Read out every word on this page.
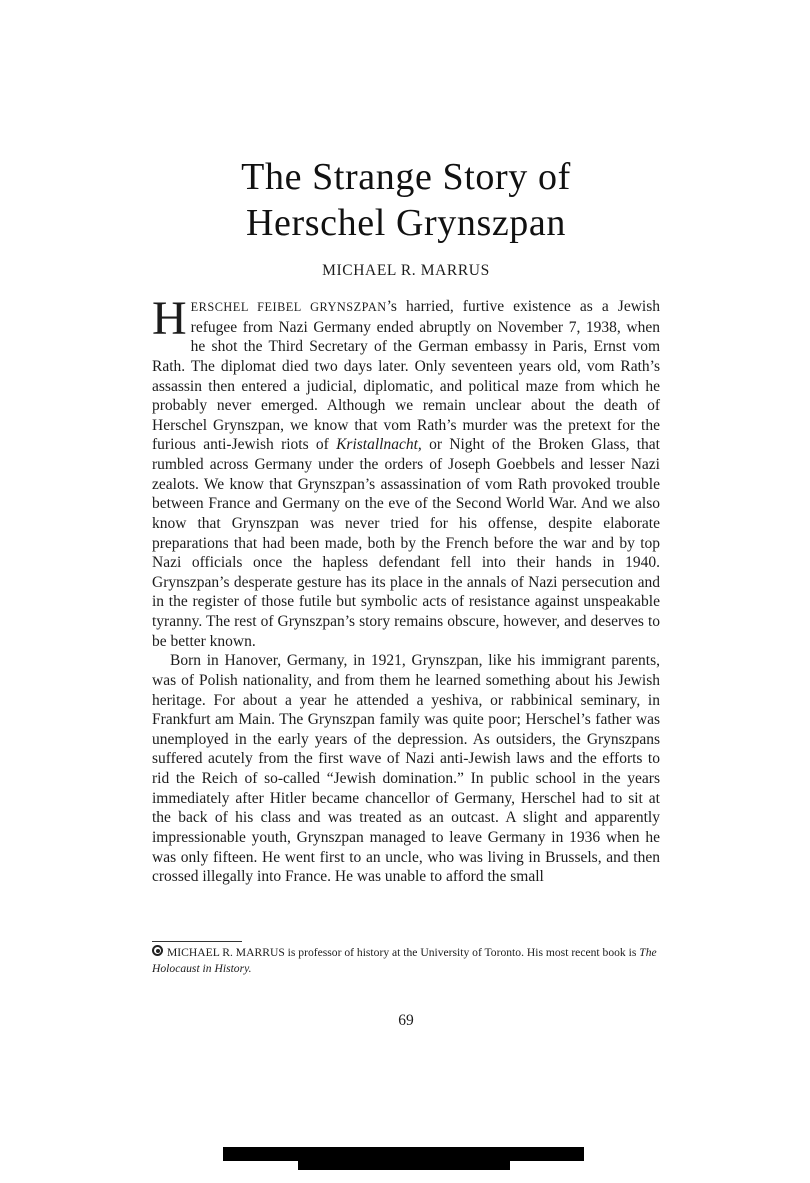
The Strange Story of
Herschel Grynszpan
MICHAEL R. MARRUS

HERSCHEL FEIBEL GRYNSZPAN’s harried, furtive existence as a Jewish refugee from Nazi Germany ended abruptly on November 7, 1938, when he shot the Third Secretary of the German embassy in Paris, Ernst vom Rath. The diplomat died two days later. Only seventeen years old, vom Rath’s assassin then entered a judicial, diplomatic, and political maze from which he probably never emerged. Although we remain unclear about the death of Herschel Grynszpan, we know that vom Rath’s murder was the pretext for the furious anti-Jewish riots of Kristallnacht, or Night of the Broken Glass, that rumbled across Germany under the orders of Joseph Goebbels and lesser Nazi zealots. We know that Grynszpan’s assassination of vom Rath provoked trouble between France and Germany on the eve of the Second World War. And we also know that Grynszpan was never tried for his offense, despite elaborate preparations that had been made, both by the French before the war and by top Nazi officials once the hapless defendant fell into their hands in 1940. Grynszpan’s desperate gesture has its place in the annals of Nazi persecution and in the register of those futile but symbolic acts of resistance against unspeakable tyranny. The rest of Grynszpan’s story remains obscure, however, and deserves to be better known.

Born in Hanover, Germany, in 1921, Grynszpan, like his immigrant parents, was of Polish nationality, and from them he learned something about his Jewish heritage. For about a year he attended a yeshiva, or rabbinical seminary, in Frankfurt am Main. The Grynszpan family was quite poor; Herschel’s father was unemployed in the early years of the depression. As outsiders, the Grynszpans suffered acutely from the first wave of Nazi anti-Jewish laws and the efforts to rid the Reich of so-called “Jewish domination.” In public school in the years immediately after Hitler became chancellor of Germany, Herschel had to sit at the back of his class and was treated as an outcast. A slight and apparently impressionable youth, Grynszpan managed to leave Germany in 1936 when he was only fifteen. He went first to an uncle, who was living in Brussels, and then crossed illegally into France. He was unable to afford the small

MICHAEL R. MARRUS is professor of history at the University of Toronto. His most recent book is The Holocaust in History.
69
